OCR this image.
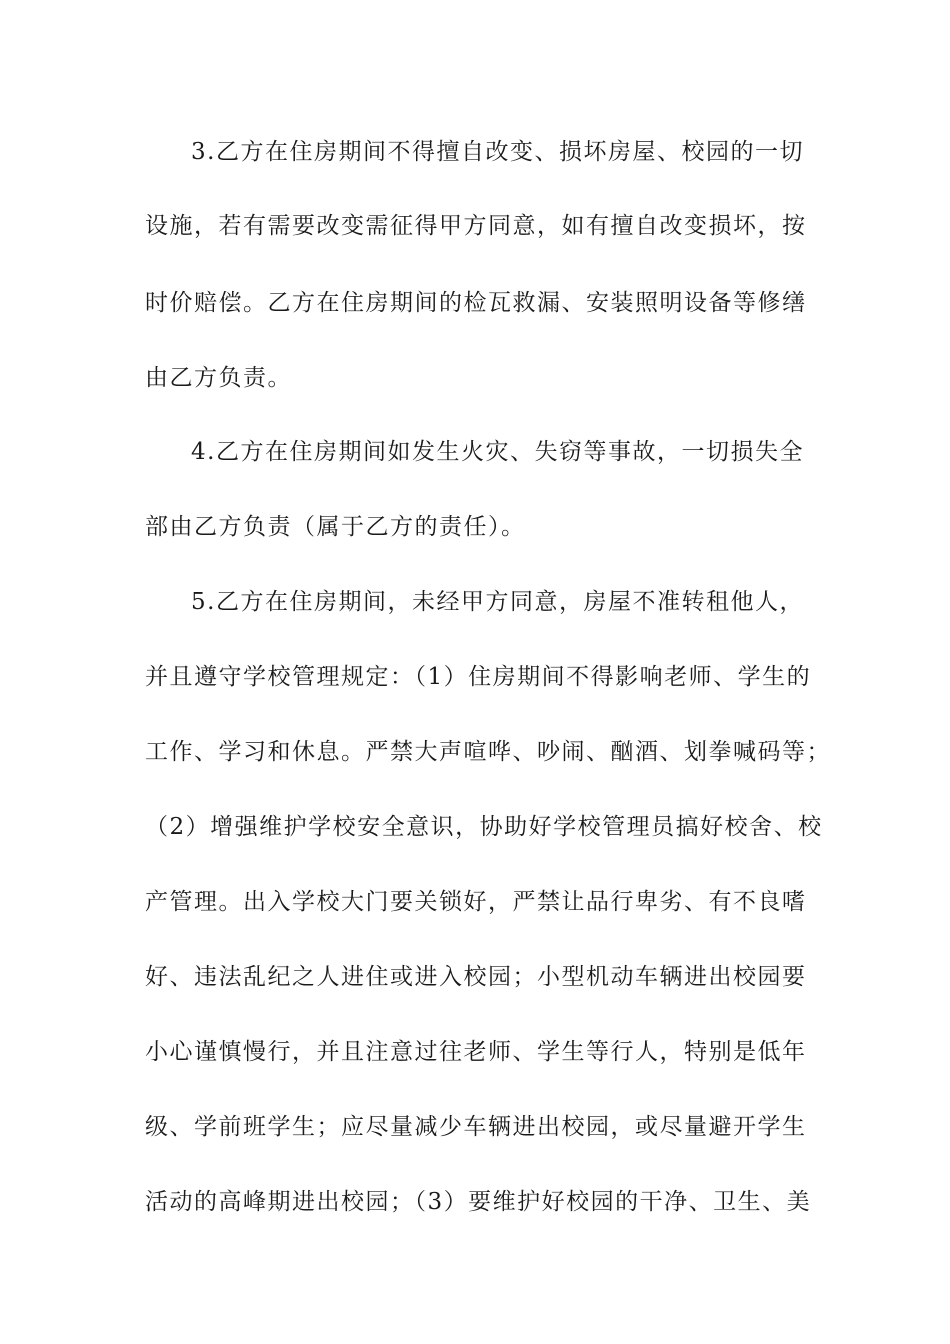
3.乙方在住房期间不得擅自改变、损坏房屋、校园的一切
设施，若有需要改变需征得甲方同意，如有擅自改变损坏，按
时价赔偿。乙方在住房期间的检瓦救漏、安装照明设备等修缮
由乙方负责。
4.乙方在住房期间如发生火灾、失窃等事故，一切损失全
部由乙方负责（属于乙方的责任）。
5.乙方在住房期间，未经甲方同意，房屋不准转租他人，
并且遵守学校管理规定：（1）住房期间不得影响老师、学生的
工作、学习和休息。严禁大声喧哗、吵闹、酗酒、划拳喊码等；
（2）增强维护学校安全意识，协助好学校管理员搞好校舍、校
产管理。出入学校大门要关锁好，严禁让品行卑劣、有不良嗜
好、违法乱纪之人进住或进入校园；小型机动车辆进出校园要
小心谨慎慢行，并且注意过往老师、学生等行人，特别是低年
级、学前班学生；应尽量减少车辆进出校园，或尽量避开学生
活动的高峰期进出校园；（3）要维护好校园的干净、卫生、美
